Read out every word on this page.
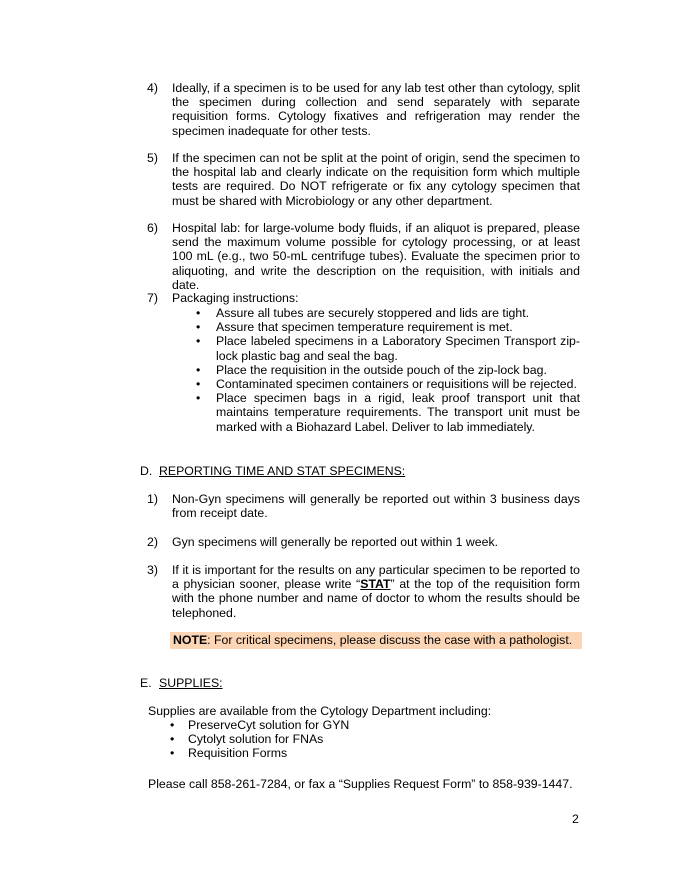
4) Ideally, if a specimen is to be used for any lab test other than cytology, split the specimen during collection and send separately with separate requisition forms. Cytology fixatives and refrigeration may render the specimen inadequate for other tests.
5) If the specimen can not be split at the point of origin, send the specimen to the hospital lab and clearly indicate on the requisition form which multiple tests are required. Do NOT refrigerate or fix any cytology specimen that must be shared with Microbiology or any other department.
6) Hospital lab: for large-volume body fluids, if an aliquot is prepared, please send the maximum volume possible for cytology processing, or at least 100 mL (e.g., two 50-mL centrifuge tubes). Evaluate the specimen prior to aliquoting, and write the description on the requisition, with initials and date.
7) Packaging instructions:
• Assure all tubes are securely stoppered and lids are tight.
• Assure that specimen temperature requirement is met.
• Place labeled specimens in a Laboratory Specimen Transport zip-lock plastic bag and seal the bag.
• Place the requisition in the outside pouch of the zip-lock bag.
• Contaminated specimen containers or requisitions will be rejected.
• Place specimen bags in a rigid, leak proof transport unit that maintains temperature requirements. The transport unit must be marked with a Biohazard Label. Deliver to lab immediately.
D. REPORTING TIME AND STAT SPECIMENS:
1) Non-Gyn specimens will generally be reported out within 3 business days from receipt date.
2) Gyn specimens will generally be reported out within 1 week.
3) If it is important for the results on any particular specimen to be reported to a physician sooner, please write “STAT” at the top of the requisition form with the phone number and name of doctor to whom the results should be telephoned.
NOTE: For critical specimens, please discuss the case with a pathologist.
E. SUPPLIES:
Supplies are available from the Cytology Department including:
• PreserveCyt solution for GYN
• Cytolyt solution for FNAs
• Requisition Forms
Please call 858-261-7284, or fax a “Supplies Request Form” to 858-939-1447.
2
